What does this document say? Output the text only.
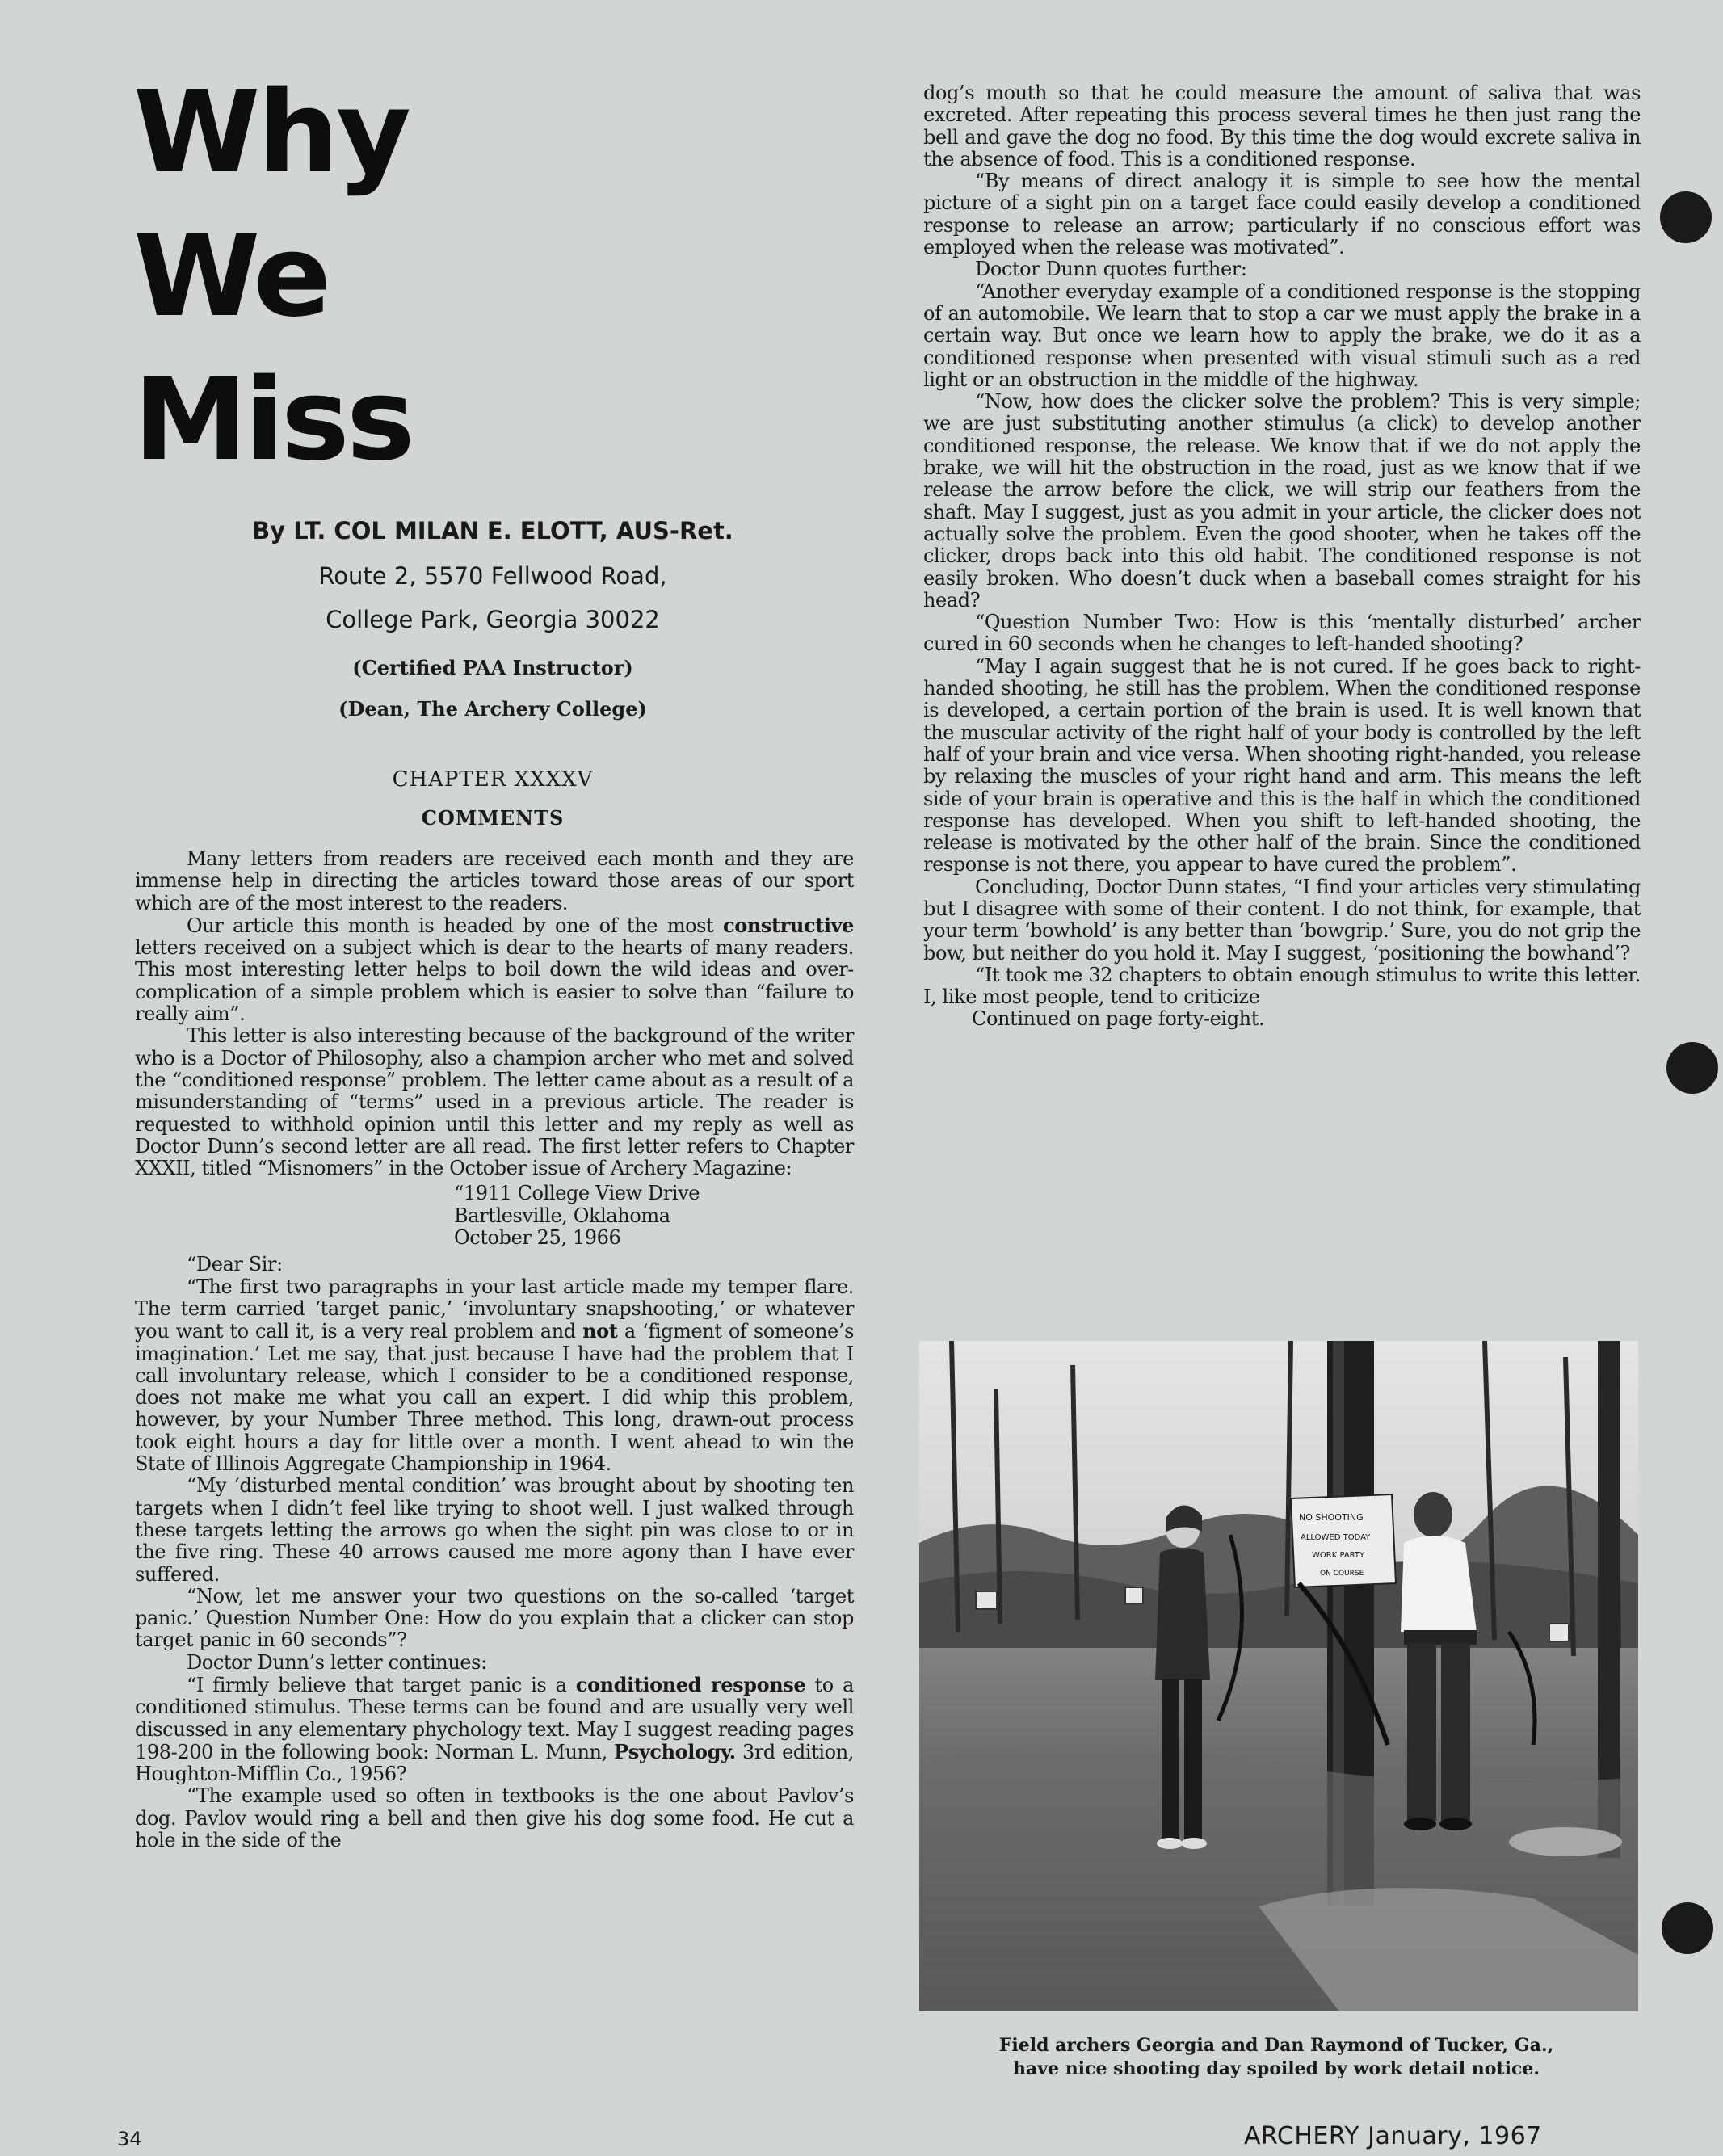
Why
We
Miss
By LT. COL MILAN E. ELOTT, AUS-Ret.
Route 2, 5570 Fellwood Road,
College Park, Georgia 30022
(Certified PAA Instructor)
(Dean, The Archery College)
CHAPTER XXXXV
COMMENTS

Many letters from readers are received each month and they are immense help in directing the articles toward those areas of our sport which are of the most interest to the readers.

Our article this month is headed by one of the most constructive letters received on a subject which is dear to the hearts of many readers. This most interesting letter helps to boil down the wild ideas and over-complication of a simple problem which is easier to solve than “failure to really aim”.

This letter is also interesting because of the background of the writer who is a Doctor of Philosophy, also a champion archer who met and solved the “conditioned response” problem. The letter came about as a result of a misunderstanding of “terms” used in a previous article. The reader is requested to withhold opinion until this letter and my reply as well as Doctor Dunn’s second letter are all read. The first letter refers to Chapter XXXII, titled “Misnomers” in the October issue of Archery Magazine:

“1911 College View Drive
Bartlesville, Oklahoma
October 25, 1966

“Dear Sir:

“The first two paragraphs in your last article made my temper flare. The term carried ‘target panic,’ ‘involuntary snapshooting,’ or whatever you want to call it, is a very real problem and not a ‘figment of someone’s imagination.’ Let me say, that just because I have had the problem that I call involuntary release, which I consider to be a conditioned response, does not make me what you call an expert. I did whip this problem, however, by your Number Three method. This long, drawn-out process took eight hours a day for little over a month. I went ahead to win the State of Illinois Aggregate Championship in 1964.

“My ‘disturbed mental condition’ was brought about by shooting ten targets when I didn’t feel like trying to shoot well. I just walked through these targets letting the arrows go when the sight pin was close to or in the five ring. These 40 arrows caused me more agony than I have ever suffered.

“Now, let me answer your two questions on the so-called ‘target panic.’ Question Number One: How do you explain that a clicker can stop target panic in 60 seconds”?

Doctor Dunn’s letter continues:

“I firmly believe that target panic is a conditioned response to a conditioned stimulus. These terms can be found and are usually very well discussed in any elementary phychology text. May I suggest reading pages 198-200 in the following book: Norman L. Munn, Psychology. 3rd edition, Houghton-Mifflin Co., 1956?

“The example used so often in textbooks is the one about Pavlov’s dog. Pavlov would ring a bell and then give his dog some food. He cut a hole in the side of the

dog’s mouth so that he could measure the amount of saliva that was excreted. After repeating this process several times he then just rang the bell and gave the dog no food. By this time the dog would excrete saliva in the absence of food. This is a conditioned response.

“By means of direct analogy it is simple to see how the mental picture of a sight pin on a target face could easily develop a conditioned response to release an arrow; particularly if no conscious effort was employed when the release was motivated”.

Doctor Dunn quotes further:

“Another everyday example of a conditioned response is the stopping of an automobile. We learn that to stop a car we must apply the brake in a certain way. But once we learn how to apply the brake, we do it as a conditioned response when presented with visual stimuli such as a red light or an obstruction in the middle of the highway.

“Now, how does the clicker solve the problem? This is very simple; we are just substituting another stimulus (a click) to develop another conditioned response, the release. We know that if we do not apply the brake, we will hit the obstruction in the road, just as we know that if we release the arrow before the click, we will strip our feathers from the shaft. May I suggest, just as you admit in your article, the clicker does not actually solve the problem. Even the good shooter, when he takes off the clicker, drops back into this old habit. The conditioned response is not easily broken. Who doesn’t duck when a baseball comes straight for his head?

“Question Number Two: How is this ‘mentally disturbed’ archer cured in 60 seconds when he changes to left-handed shooting?

“May I again suggest that he is not cured. If he goes back to right-handed shooting, he still has the problem. When the conditioned response is developed, a certain portion of the brain is used. It is well known that the muscular activity of the right half of your body is controlled by the left half of your brain and vice versa. When shooting right-handed, you release by relaxing the muscles of your right hand and arm. This means the left side of your brain is operative and this is the half in which the conditioned response has developed. When you shift to left-handed shooting, the release is motivated by the other half of the brain. Since the conditioned response is not there, you appear to have cured the problem”.

Concluding, Doctor Dunn states, “I find your articles very stimulating but I disagree with some of their content. I do not think, for example, that your term ‘bowhold’ is any better than ‘bowgrip.’ Sure, you do not grip the bow, but neither do you hold it. May I suggest, ‘positioning the bowhand’?

“It took me 32 chapters to obtain enough stimulus to write this letter. I, like most people, tend to criticize

Continued on page forty-eight.

NO SHOOTING
ALLOWED TODAY
WORK PARTY
ON COURSE
Field archers Georgia and Dan Raymond of Tucker, Ga.,
have nice shooting day spoiled by work detail notice.
34	ARCHERY January, 1967
